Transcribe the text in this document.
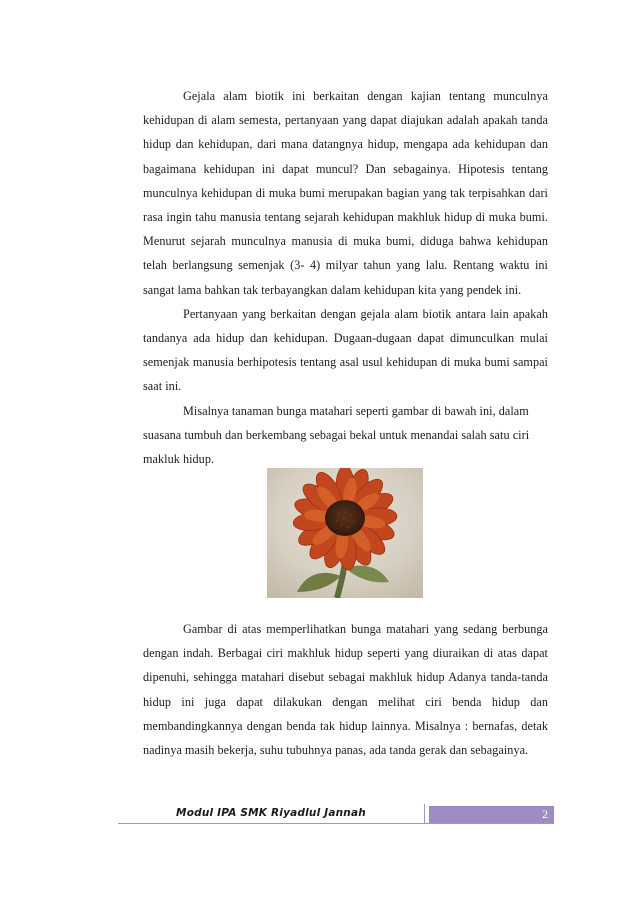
Gejala alam biotik ini berkaitan dengan kajian tentang munculnya kehidupan di alam semesta, pertanyaan yang dapat diajukan adalah apakah tanda hidup dan kehidupan, dari mana datangnya hidup, mengapa ada kehidupan dan bagaimana kehidupan ini dapat muncul? Dan sebagainya. Hipotesis tentang munculnya kehidupan di muka bumi merupakan bagian yang tak terpisahkan dari rasa ingin tahu manusia tentang sejarah kehidupan makhluk hidup di muka bumi. Menurut sejarah munculnya manusia di muka bumi, diduga bahwa kehidupan telah berlangsung semenjak (3- 4) milyar tahun yang lalu. Rentang waktu ini sangat lama bahkan tak terbayangkan dalam kehidupan kita yang pendek ini.

Pertanyaan yang berkaitan dengan gejala alam biotik antara lain apakah tandanya ada hidup dan kehidupan. Dugaan-dugaan dapat dimunculkan mulai semenjak manusia berhipotesis tentang asal usul kehidupan di muka bumi sampai saat ini.

Misalnya tanaman bunga matahari seperti gambar di bawah ini, dalam suasana tumbuh dan berkembang sebagai bekal untuk menandai salah satu ciri makluk hidup.

Gambar di atas memperlihatkan bunga matahari yang sedang berbunga dengan indah. Berbagai ciri makhluk hidup seperti yang diuraikan di atas dapat dipenuhi, sehingga matahari disebut sebagai makhluk hidup Adanya tanda-tanda hidup ini juga dapat dilakukan dengan melihat ciri benda hidup dan membandingkannya dengan benda tak hidup lainnya. Misalnya : bernafas, detak nadinya masih bekerja, suhu tubuhnya panas, ada tanda gerak dan sebagainya.

Modul IPA SMK Riyadlul Jannah	2
